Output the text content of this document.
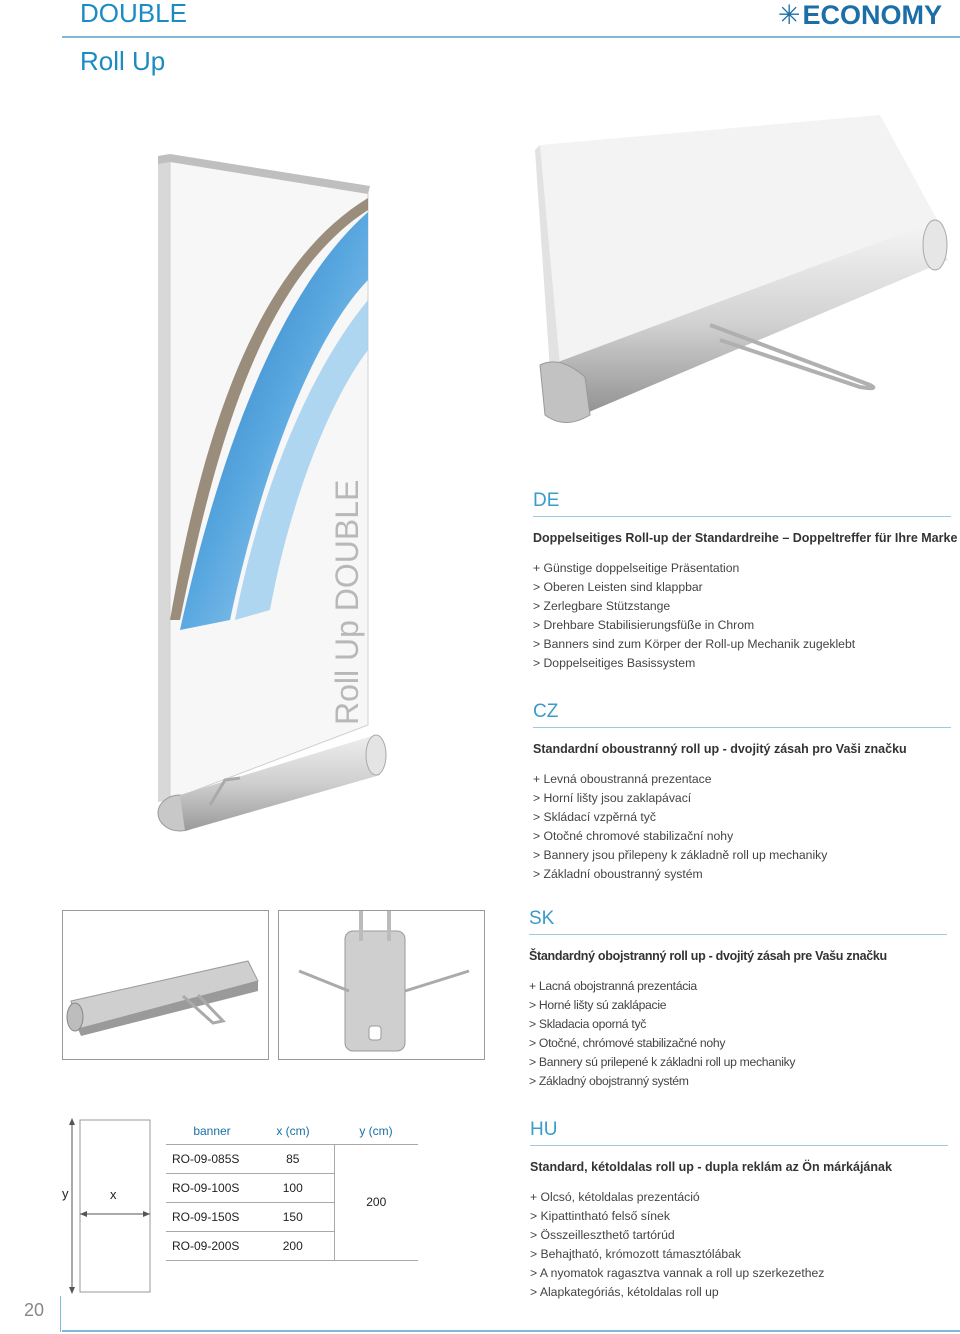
DOUBLE
Roll Up
✳ ECONOMY
Roll Up DOUBLE	DE
Doppelseitiges Roll-up der Standardreihe – Doppeltreffer für Ihre Marke
+ Günstige doppelseitige Präsentation
> Oberen Leisten sind klappbar
> Zerlegbare Stützstange
> Drehbare Stabilisierungsfüße in Chrom
> Banners sind zum Körper der Roll-up Mechanik zugeklebt
> Doppelseitiges Basissystem
CZ
Standardní oboustranný roll up - dvojitý zásah pro Vaši značku
+ Levná oboustranná prezentace
> Horní lišty jsou zaklapávací
> Skládací vzpěrná tyč
> Otočné chromové stabilizační nohy
> Bannery jsou přilepeny k základně roll up mechaniky
> Základní oboustranný systém
SK
Štandardný obojstranný roll up - dvojitý zásah pre Vašu značku
+ Lacná obojstranná prezentácia
> Horné lišty sú zaklápacie
> Skladacia oporná tyč
> Otočné, chrómové stabilizačné nohy
> Bannery sú prilepené k základni roll up mechaniky
> Základný obojstranný systém
y	x
banner	x (cm)	y (cm)
RO-09-085S	85	200
RO-09-100S	100	
RO-09-150S	150	
RO-09-200S	200	
HU
Standard, kétoldalas roll up - dupla reklám az Ön márkájának
+ Olcsó, kétoldalas prezentáció
> Kipattintható felső sínek
> Összeilleszthető tartórúd
> Behajtható, krómozott támasztólábak
> A nyomatok ragasztva vannak a roll up szerkezethez
> Alapkategóriás, kétoldalas roll up
20
